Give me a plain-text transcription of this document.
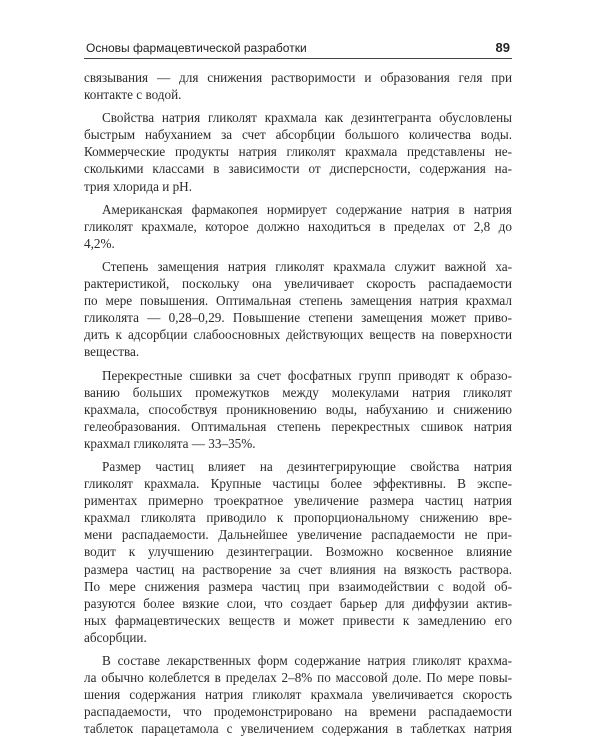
Основы фармацевтической разработки	89

связывания — для снижения растворимости и образования геля при
контакте с водой.

Свойства натрия гликолят крахмала как дезинтегранта обусловлены
быстрым набуханием за счет абсорбции большого количества воды.
Коммерческие продукты натрия гликолят крахмала представлены не-
сколькими классами в зависимости от дисперсности, содержания на-
трия хлорида и pH.

Американская фармакопея нормирует содержание натрия в натрия
гликолят крахмале, которое должно находиться в пределах от 2,8 до
4,2%.

Степень замещения натрия гликолят крахмала служит важной ха-
рактеристикой, поскольку она увеличивает скорость распадаемости
по мере повышения. Оптимальная степень замещения натрия крахмал
гликолята — 0,28–0,29. Повышение степени замещения может приво-
дить к адсорбции слабоосновных действующих веществ на поверхности
вещества.

Перекрестные сшивки за счет фосфатных групп приводят к образо-
ванию больших промежутков между молекулами натрия гликолят
крахмала, способствуя проникновению воды, набуханию и снижению
гелеобразования. Оптимальная степень перекрестных сшивок натрия
крахмал гликолята — 33–35%.

Размер частиц влияет на дезинтегрирующие свойства натрия
гликолят крахмала. Крупные частицы более эффективны. В экспе-
риментах примерно троекратное увеличение размера частиц натрия
крахмал гликолята приводило к пропорциональному снижению вре-
мени распадаемости. Дальнейшее увеличение распадаемости не при-
водит к улучшению дезинтеграции. Возможно косвенное влияние
размера частиц на растворение за счет влияния на вязкость раствора.
По мере снижения размера частиц при взаимодействии с водой об-
разуются более вязкие слои, что создает барьер для диффузии актив-
ных фармацевтических веществ и может привести к замедлению его
абсорбции.

В составе лекарственных форм содержание натрия гликолят крахма-
ла обычно колеблется в пределах 2–8% по массовой доле. По мере повы-
шения содержания натрия гликолят крахмала увеличивается скорость
распадаемости, что продемонстрировано на времени распадаемости
таблеток парацетамола с увеличением содержания в таблетках натрия
